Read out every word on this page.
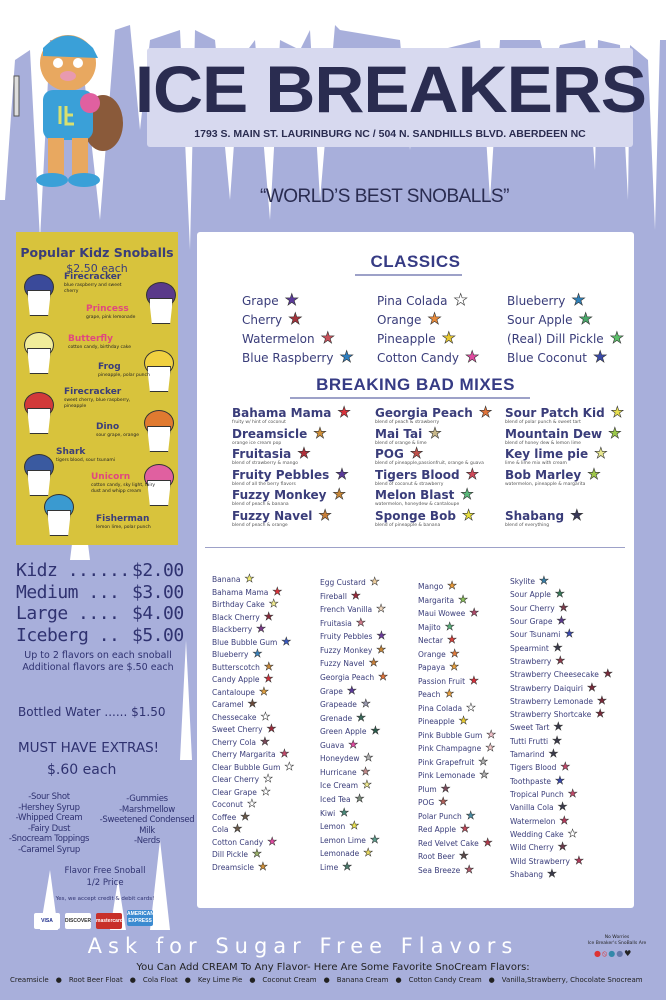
ICE BREAKERS
1793 S. MAIN ST. LAURINBURG NC / 504 N. SANDHILLS BLVD. ABERDEEN NC
“WORLD’S BEST SNOBALLS”
Popular Kidz Snoballs
$2.50 each
Firecracker
blue raspberry and sweet cherry
Princess
grape, pink lemonade
Butterfly
cotton candy, birthday cake
Frog
pineapple, polar punch
Firecracker
sweet cherry, blue raspberry, pineapple
Dino
sour grape, orange
Shark
tigers blood, sour tsunami
Unicorn
cotton candy, sky light, fairy dust and whipp cream
Fisherman
lemon lime, polar punch
Kidz ...... $2.00
Medium ... $3.00
Large .... $4.00
Iceberg .. $5.00
Up to 2 flavors on each snoball
Additional flavors are $.50 each
Bottled Water ...... $1.50
MUST HAVE EXTRAS!
$.60 each
-Sour Shot
-Hershey Syrup
-Whipped Cream
-Fairy Dust
-Snocream Toppings
-Caramel Syrup
-Gummies
-Marshmellow
-Sweetened Condensed
Milk
-Nerds
Flavor Free Snoball
1/2 Price
Yes, we accept credit & debit cards!
VISA DISCOVER mastercardAMERICAN EXPRESS
CLASSICS
Grape ★
Cherry ★
Watermelon ★
Blue Raspberry ★
Pina Colada ★
Orange ★
Pineapple ★
Cotton Candy ★
Blueberry ★
Sour Apple ★
(Real) Dill Pickle ★
Blue Coconut ★
BREAKING BAD MIXES
Bahama Mama ★
fruity w/ hint of coconut
Dreamsicle ★
orange ice cream pop
Fruitasia ★
blend of strawberry & mango
Fruity Pebbles ★
blend of all the berry flavors
Fuzzy Monkey ★
blend of peach & banana
Fuzzy Navel ★
blend of peach & orange
Georgia Peach ★
blend of peach & strawberry
Mai Tai ★
blend of orange & lime
POG ★
blend of pineapple,passionfruit, orange & guava
Tigers Blood ★
blend of coconut & strawberry
Melon Blast ★
watermelon, honeydew & cantaloupe
Sponge Bob ★
blend of pineapple & banana
Sour Patch Kid ★
blend of polar punch & sweet tart
Mountain Dew ★
blend of honey dew & lemon lime
Key lime pie ★
lime & lime mix with cream
Bob Marley ★
watermelon, pineapple & margarita
Shabang ★
blend of everything
Banana ★
Bahama Mama ★
Birthday Cake ★
Black Cherry ★
Blackberry ★
Blue Bubble Gum ★
Blueberry ★
Butterscotch ★
Candy Apple ★
Cantaloupe ★
Caramel ★
Chessecake ★
Sweet Cherry ★
Cherry Cola ★
Cherry Margarita ★
Clear Bubble Gum ★
Clear Cherry ★
Clear Grape ★
Coconut ★
Coffee ★
Cola ★
Cotton Candy ★
Dill Pickle ★
Dreamsicle ★
Egg Custard ★
Fireball ★
French Vanilla ★
Fruitasia ★
Fruity Pebbles ★
Fuzzy Monkey ★
Fuzzy Navel ★
Georgia Peach ★
Grape ★
Grapeade ★
Grenade ★
Green Apple ★
Guava ★
Honeydew ★
Hurricane ★
Ice Cream ★
Iced Tea ★
Kiwi ★
Lemon ★
Lemon Lime ★
Lemonade ★
Lime ★
Mango ★
Margarita ★
Maui Wowee ★
Majito ★
Nectar ★
Orange ★
Papaya ★
Passion Fruit ★
Peach ★
Pina Colada ★
Pineapple ★
Pink Bubble Gum ★
Pink Champagne ★
Pink Grapefruit ★
Pink Lemonade ★
Plum ★
POG ★
Polar Punch ★
Red Apple ★
Red Velvet Cake ★
Root Beer ★
Sea Breeze ★
Skylite ★
Sour Apple ★
Sour Cherry ★
Sour Grape ★
Sour Tsunami ★
Spearmint ★
Strawberry ★
Strawberry Cheesecake ★
Strawberry Daiquiri ★
Strawberry Lemonade ★
Strawberry Shortcake ★
Sweet Tart ★
Tutti Frutti ★
Tamarind ★
Tigers Blood ★
Toothpaste ★
Tropical Punch ★
Vanilla Cola ★
Watermelon ★
Wedding Cake ★
Wild Cherry ★
Wild Strawberry ★
Shabang ★
Ask for Sugar Free Flavors	No Worries
Ice Breaker's SnoBalls Are
●⦸●●♥
You Can Add CREAM To Any Flavor- Here Are Some Favorite SnoCream Flavors:
Creamsicle ● Root Beer Float ● Cola Float ● Key Lime Pie ● Coconut Cream ● Banana Cream ● Cotton Candy Cream ● Vanilla,Strawberry, Chocolate Snocream
